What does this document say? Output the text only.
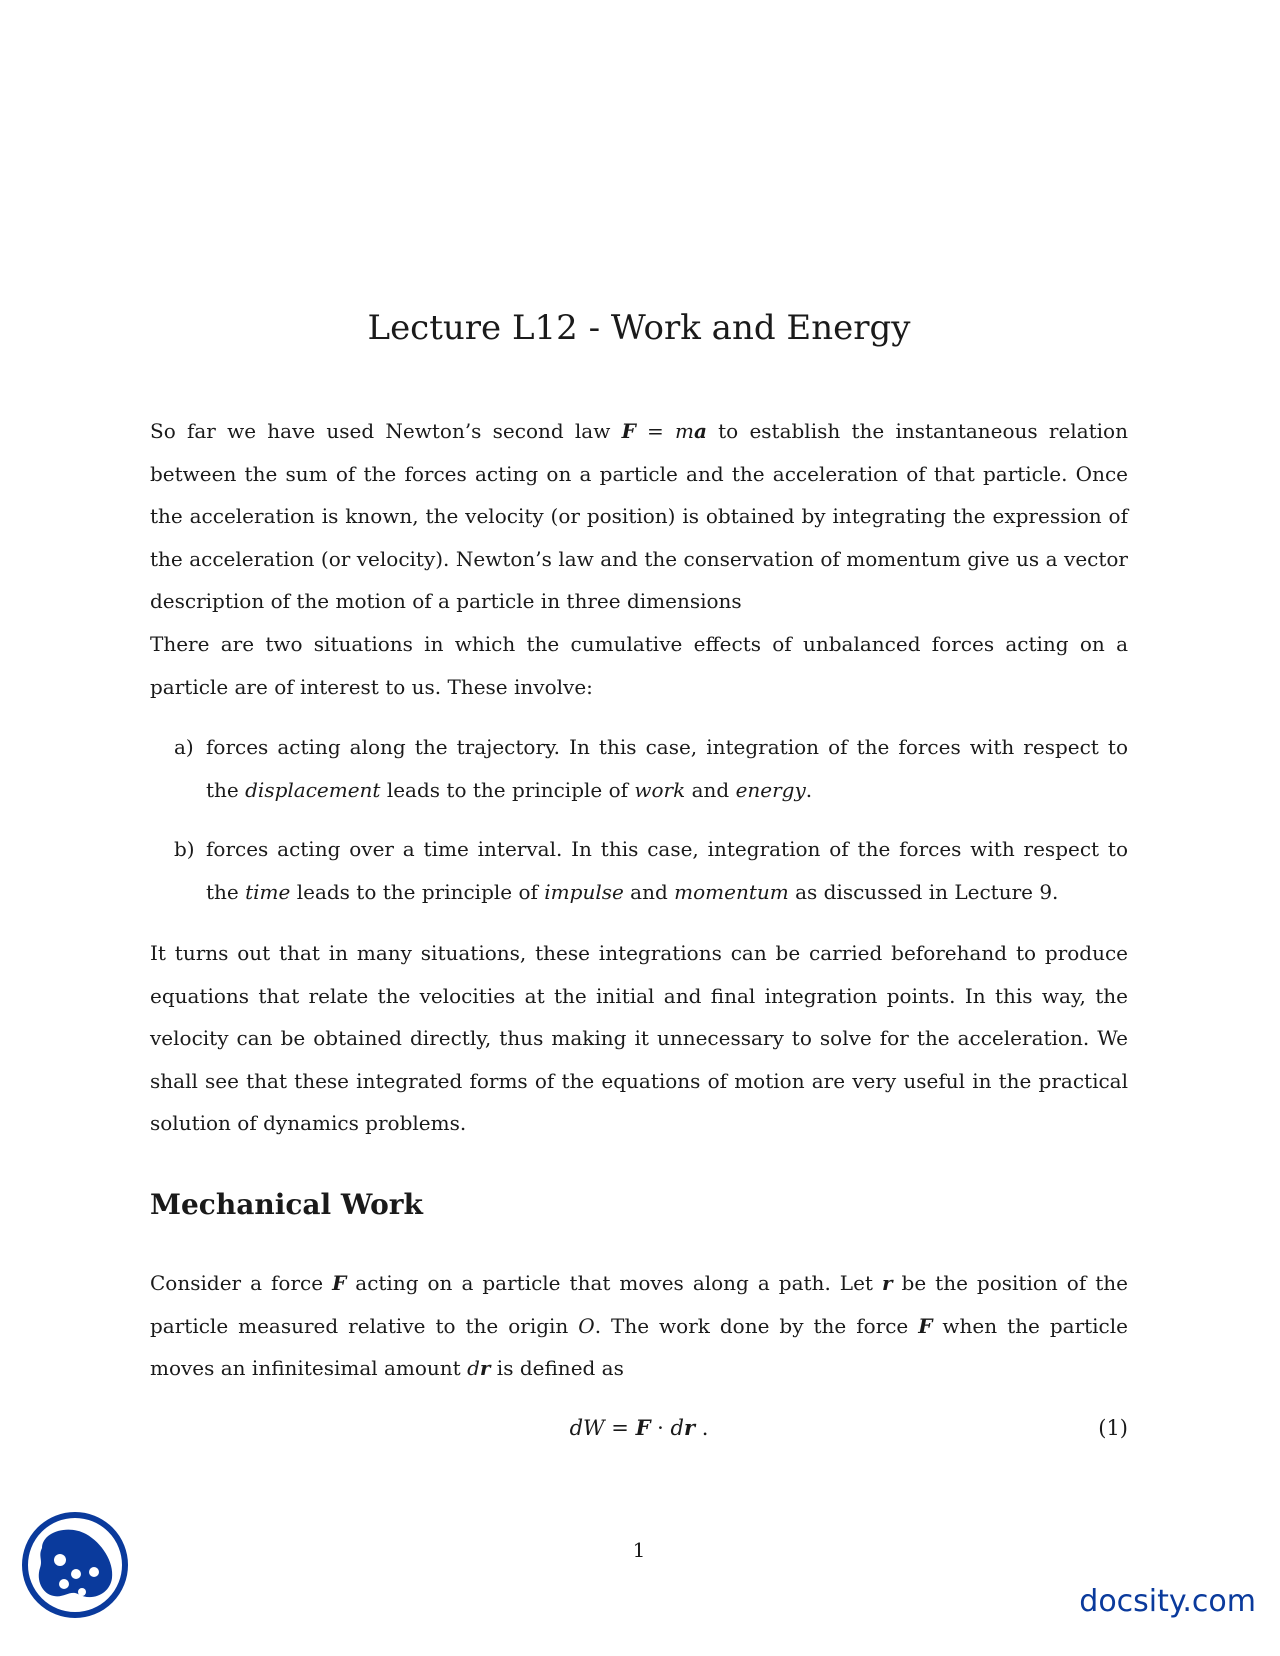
Lecture L12 - Work and Energy

So far we have used Newton’s second law F = ma to establish the instantaneous relation between the sum of the forces acting on a particle and the acceleration of that particle. Once the acceleration is known, the velocity (or position) is obtained by integrating the expression of the acceleration (or velocity). Newton’s law and the conservation of momentum give us a vector description of the motion of a particle in three dimensions

There are two situations in which the cumulative effects of unbalanced forces acting on a particle are of interest to us. These involve:

a) forces acting along the trajectory. In this case, integration of the forces with respect to the displacement leads to the principle of work and energy.
b) forces acting over a time interval. In this case, integration of the forces with respect to the time leads to the principle of impulse and momentum as discussed in Lecture 9.

It turns out that in many situations, these integrations can be carried beforehand to produce equations that relate the velocities at the initial and final integration points. In this way, the velocity can be obtained directly, thus making it unnecessary to solve for the acceleration. We shall see that these integrated forms of the equations of motion are very useful in the practical solution of dynamics problems.

Mechanical Work

Consider a force F acting on a particle that moves along a path. Let r be the position of the particle measured relative to the origin O. The work done by the force F when the particle moves an infinitesimal amount dr is defined as

dW = F · dr .	(1)
1
docsity.com
